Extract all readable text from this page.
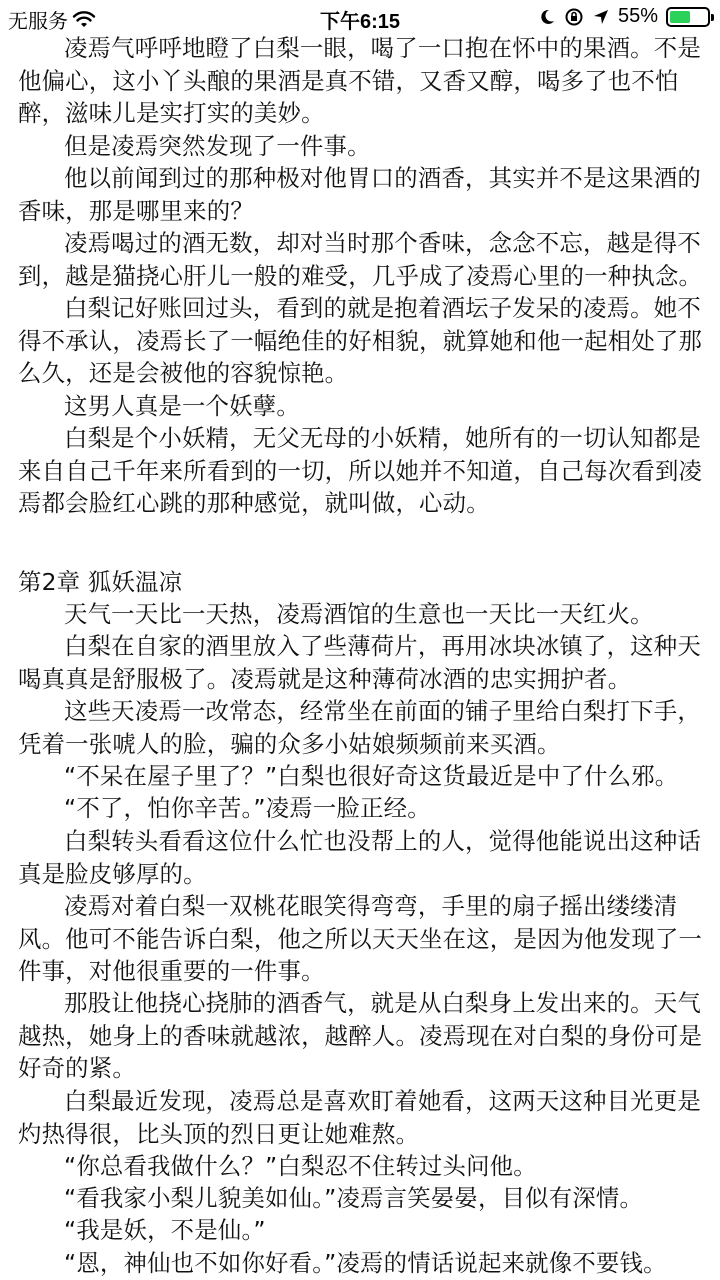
无服务	下午6:15	55%

凌焉气呼呼地瞪了白梨一眼，喝了一口抱在怀中的果酒。不是他偏心，这小丫头酿的果酒是真不错，又香又醇，喝多了也不怕醉，滋味儿是实打实的美妙。

但是凌焉突然发现了一件事。

他以前闻到过的那种极对他胃口的酒香，其实并不是这果酒的香味，那是哪里来的？

凌焉喝过的酒无数，却对当时那个香味，念念不忘，越是得不到，越是猫挠心肝儿一般的难受，几乎成了凌焉心里的一种执念。

白梨记好账回过头，看到的就是抱着酒坛子发呆的凌焉。她不得不承认，凌焉长了一幅绝佳的好相貌，就算她和他一起相处了那么久，还是会被他的容貌惊艳。

这男人真是一个妖孽。

白梨是个小妖精，无父无母的小妖精，她所有的一切认知都是来自自己千年来所看到的一切，所以她并不知道，自己每次看到凌焉都会脸红心跳的那种感觉，就叫做，心动。

第2章 狐妖温凉

天气一天比一天热，凌焉酒馆的生意也一天比一天红火。

白梨在自家的酒里放入了些薄荷片，再用冰块冰镇了，这种天喝真真是舒服极了。凌焉就是这种薄荷冰酒的忠实拥护者。

这些天凌焉一改常态，经常坐在前面的铺子里给白梨打下手，凭着一张唬人的脸，骗的众多小姑娘频频前来买酒。

“不呆在屋子里了？”白梨也很好奇这货最近是中了什么邪。

“不了，怕你辛苦。”凌焉一脸正经。

白梨转头看看这位什么忙也没帮上的人，觉得他能说出这种话真是脸皮够厚的。

凌焉对着白梨一双桃花眼笑得弯弯，手里的扇子摇出缕缕清风。他可不能告诉白梨，他之所以天天坐在这，是因为他发现了一件事，对他很重要的一件事。

那股让他挠心挠肺的酒香气，就是从白梨身上发出来的。天气越热，她身上的香味就越浓，越醉人。凌焉现在对白梨的身份可是好奇的紧。

白梨最近发现，凌焉总是喜欢盯着她看，这两天这种目光更是灼热得很，比头顶的烈日更让她难熬。

“你总看我做什么？”白梨忍不住转过头问他。

“看我家小梨儿貌美如仙。”凌焉言笑晏晏，目似有深情。

“我是妖，不是仙。”

“恩，神仙也不如你好看。”凌焉的情话说起来就像不要钱。
